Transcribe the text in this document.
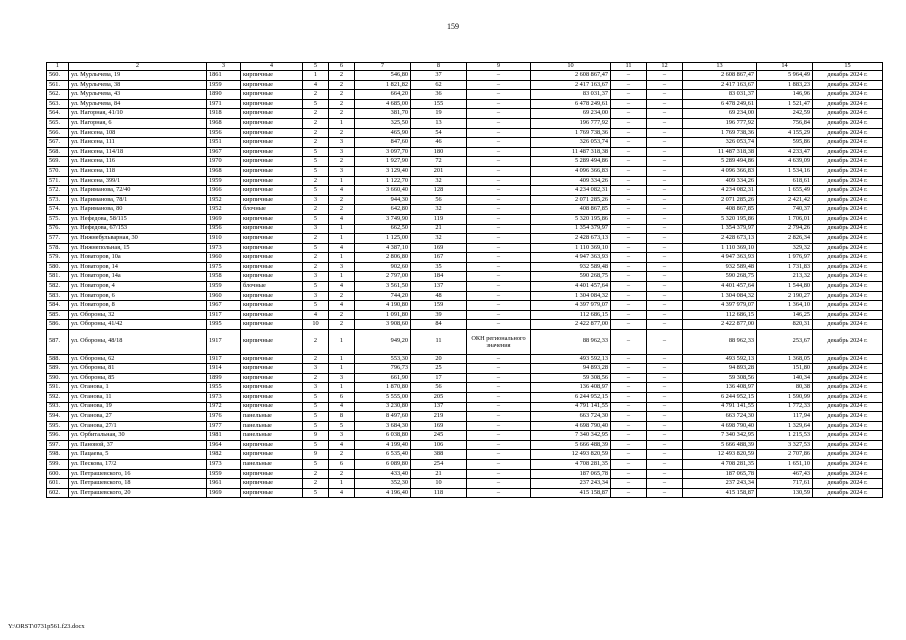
159
1	2	3	4	5	6	7	8	9	10	11	12	13	14	15
560.	ул. Мурлычева, 19	1861	кирпичные	1	2	546,80	37	–	2 608 867,47	–	–	2 608 867,47	5 964,49	декабрь 2024 г.
561.	ул. Мурлычева, 38	1959	кирпичные	4	2	1 821,82	62	–	2 417 163,67	–	–	2 417 163,67	1 883,23	декабрь 2024 г.
562.	ул. Мурлычева, 43	1890	кирпичные	2	2	664,20	36	–	83 031,37	–	–	83 031,37	146,96	декабрь 2024 г.
563.	ул. Мурлычева, 84	1971	кирпичные	5	2	4 685,00	155	–	6 478 249,61	–	–	6 478 249,61	1 521,47	декабрь 2024 г.
564.	ул. Нагорная, 41/10	1918	кирпичные	2	2	381,70	19	–	69 234,00	–	–	69 234,00	242,59	декабрь 2024 г.
565.	ул. Нагорная, 6	1968	кирпичные	2	1	325,50	13	–	196 777,92	–	–	196 777,92	756,84	декабрь 2024 г.
566.	ул. Нансена, 108	1956	кирпичные	2	2	465,90	54	–	1 769 738,36	–	–	1 769 738,36	4 155,29	декабрь 2024 г.
567.	ул. Нансена, 111	1951	кирпичные	2	3	847,60	46	–	326 053,74	–	–	326 053,74	595,86	декабрь 2024 г.
568.	ул. Нансена, 114/18	1967	кирпичные	5	3	3 097,70	180	–	11 487 318,38	–	–	11 487 318,38	4 233,47	декабрь 2024 г.
569.	ул. Нансена, 116	1970	кирпичные	5	2	1 927,90	72	–	5 289 494,86	–	–	5 289 494,86	4 639,09	декабрь 2024 г.
570.	ул. Нансена, 118	1968	кирпичные	5	3	3 129,40	201	–	4 096 366,83	–	–	4 096 366,83	1 534,16	декабрь 2024 г.
571.	ул. Нансена, 399/1	1959	кирпичные	2	1	1 122,70	32	–	409 334,26	–	–	409 334,26	618,61	декабрь 2024 г.
572.	ул. Нариманова, 72/40	1966	кирпичные	5	4	3 660,40	128	–	4 234 082,31	–	–	4 234 082,31	1 655,49	декабрь 2024 г.
573.	ул. Нариманова, 78/1	1952	кирпичные	3	2	944,30	56	–	2 071 285,26	–	–	2 071 285,26	2 421,42	декабрь 2024 г.
574.	ул. Нариманова, 80	1952	блочные	2	2	642,80	32	–	408 867,85	–	–	408 867,85	740,37	декабрь 2024 г.
575.	ул. Нефедова, 58/115	1969	кирпичные	5	4	3 749,90	119	–	5 320 195,86	–	–	5 320 195,86	1 706,01	декабрь 2024 г.
576.	ул. Нефедова, 67/153	1956	кирпичные	3	1	662,50	21	–	1 354 379,97	–	–	1 354 379,97	2 794,26	декабрь 2024 г.
577.	ул. Нижнебульварная, 30	1910	кирпичные	2	1	1 125,00	32	–	2 428 673,13	–	–	2 428 673,13	2 826,34	декабрь 2024 г.
578.	ул. Нижнепольная, 15	1973	кирпичные	5	4	4 387,10	169	–	1 110 369,10	–	–	1 110 369,10	329,32	декабрь 2024 г.
579.	ул. Новаторов, 10а	1960	кирпичные	2	1	2 806,80	167	–	4 947 363,93	–	–	4 947 363,93	1 976,97	декабрь 2024 г.
580.	ул. Новаторов, 14	1975	кирпичные	2	3	902,60	35	–	932 589,48	–	–	932 589,48	1 731,83	декабрь 2024 г.
581.	ул. Новаторов, 14а	1958	кирпичные	3	1	2 797,00	184	–	590 268,75	–	–	590 268,75	213,32	декабрь 2024 г.
582.	ул. Новаторов, 4	1959	блочные	5	4	3 561,50	137	–	4 401 457,64	–	–	4 401 457,64	1 544,80	декабрь 2024 г.
583.	ул. Новаторов, 6	1960	кирпичные	3	2	744,20	48	–	1 304 084,32	–	–	1 304 084,32	2 190,27	декабрь 2024 г.
584.	ул. Новаторов, 8	1967	кирпичные	5	4	4 190,80	159	–	4 397 979,07	–	–	4 397 979,07	1 364,10	декабрь 2024 г.
585.	ул. Обороны, 32	1917	кирпичные	4	2	1 091,80	39	–	112 686,15	–	–	112 686,15	146,25	декабрь 2024 г.
586.	ул. Обороны, 41/42	1995	кирпичные	10	2	3 908,60	84	–	2 422 877,00	–	–	2 422 877,00	820,31	декабрь 2024 г.
587.	ул. Обороны, 48/18	1917	кирпичные	2	1	949,20	11	ОКН регионального значения	88 962,33	–	–	88 962,33	253,67	декабрь 2024 г.
588.	ул. Обороны, 62	1917	кирпичные	2	1	553,30	20	–	493 592,13	–	–	493 592,13	1 368,05	декабрь 2024 г.
589.	ул. Обороны, 81	1914	кирпичные	3	1	796,73	25	–	94 893,28	–	–	94 893,28	151,80	декабрь 2024 г.
590.	ул. Обороны, 85	1899	кирпичные	2	3	661,90	17	–	59 308,56	–	–	59 308,56	140,34	декабрь 2024 г.
591.	ул. Оганова, 1	1955	кирпичные	3	1	1 870,80	56	–	136 408,97	–	–	136 408,97	80,38	декабрь 2024 г.
592.	ул. Оганова, 11	1973	кирпичные	5	6	5 555,00	205	–	6 244 952,15	–	–	6 244 952,15	1 590,99	декабрь 2024 г.
593.	ул. Оганова, 19	1972	кирпичные	5	4	3 230,80	137	–	4 791 141,55	–	–	4 791 141,55	1 772,33	декабрь 2024 г.
594.	ул. Оганова, 27	1976	панельные	5	8	8 497,60	219	–	663 724,30	–	–	663 724,30	117,94	декабрь 2024 г.
595.	ул. Оганова, 27/1	1977	панельные	5	5	3 684,30	169	–	4 698 790,40	–	–	4 698 790,40	1 329,64	декабрь 2024 г.
596.	ул. Орбитальная, 30	1981	панельные	9	3	6 038,80	245	–	7 340 342,95	–	–	7 340 342,95	1 215,53	декабрь 2024 г.
597.	ул. Пановой, 37	1964	кирпичные	5	4	4 199,40	106	–	5 666 488,39	–	–	5 666 488,39	3 327,53	декабрь 2024 г.
598.	ул. Пацаева, 5	1982	кирпичные	9	2	6 535,40	388	–	12 493 820,59	–	–	12 493 820,59	2 707,86	декабрь 2024 г.
599.	ул. Пескова, 17/2	1973	панельные	5	6	6 089,80	254	–	4 708 281,35	–	–	4 708 281,35	1 651,10	декабрь 2024 г.
600.	ул. Петрашевского, 16	1959	кирпичные	2	2	433,40	21	–	187 065,78	–	–	187 065,78	467,43	декабрь 2024 г.
601.	ул. Петрашевского, 18	1961	кирпичные	2	1	352,30	10	–	237 243,34	–	–	237 243,34	717,61	декабрь 2024 г.
602.	ул. Петрашевского, 20	1969	кирпичные	5	4	4 196,40	118	–	415 158,87	–	–	415 158,87	130,59	декабрь 2024 г.
Y:\ORST\0731p561.f23.docx
